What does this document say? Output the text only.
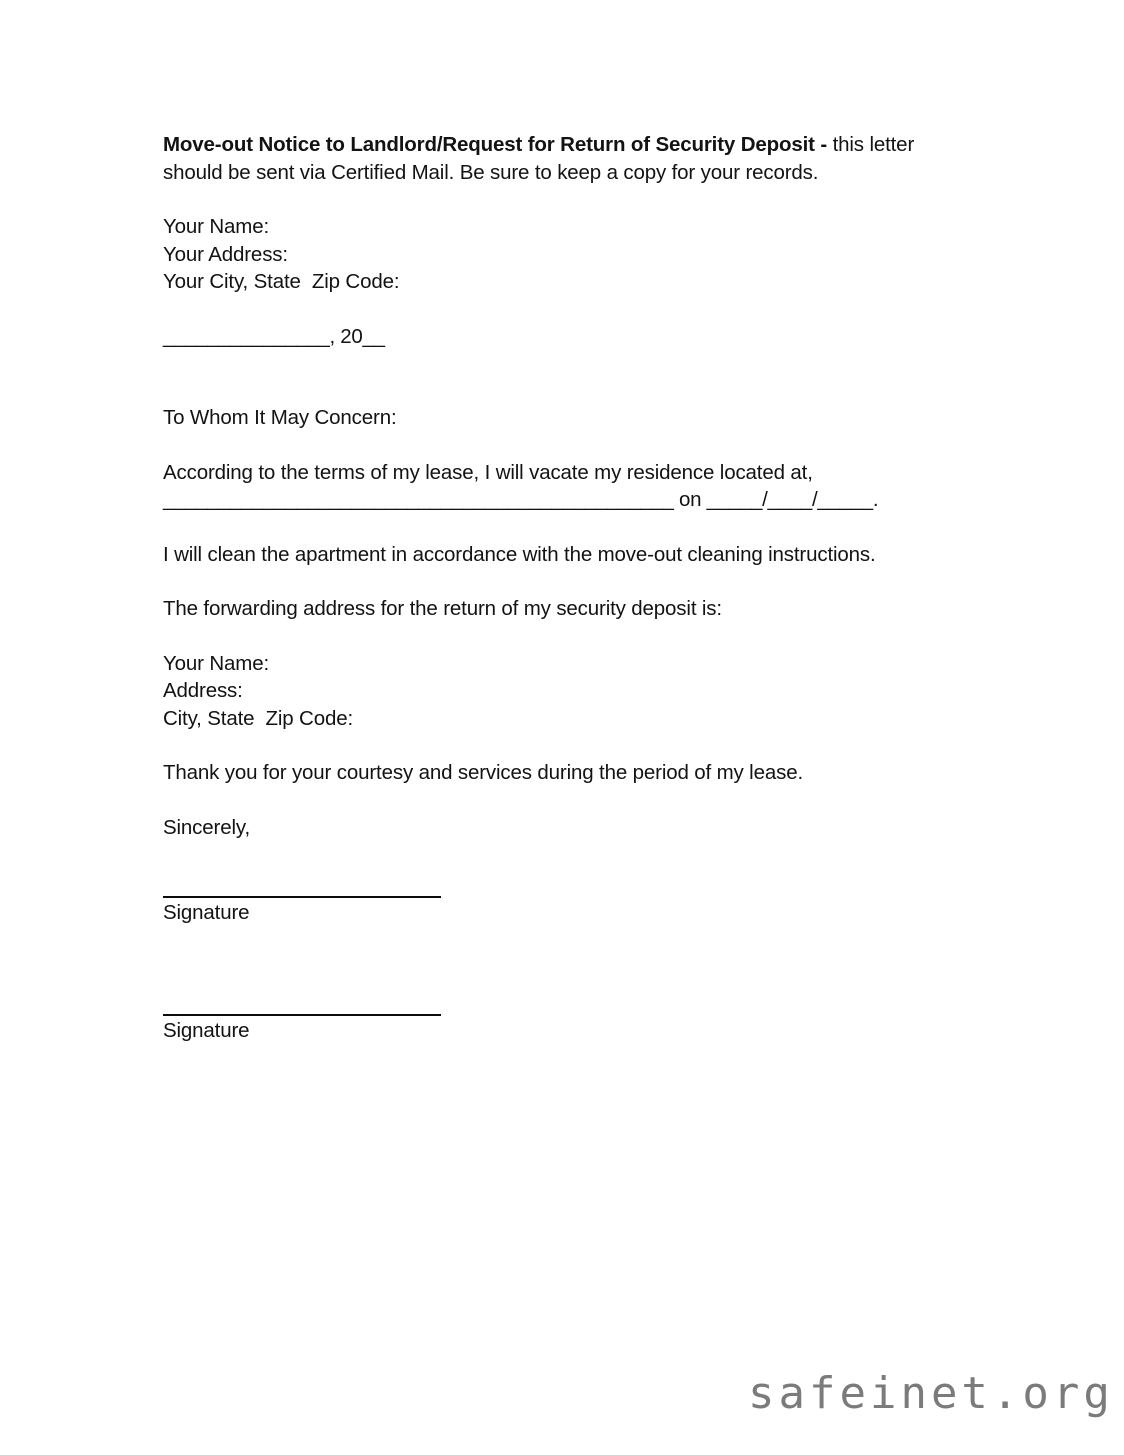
Move-out Notice to Landlord/Request for Return of Security Deposit - this letter should be sent via Certified Mail. Be sure to keep a copy for your records.

Your Name:
Your Address:
Your City, State  Zip Code:
_______________, 20__
To Whom It May Concern:
According to the terms of my lease, I will vacate my residence located at,
______________________________________________ on _____/____/_____.

I will clean the apartment in accordance with the move-out cleaning instructions.

The forwarding address for the return of my security deposit is:
Your Name:
Address:
City, State  Zip Code:
Thank you for your courtesy and services during the period of my lease.
Sincerely,
Signature
Signature
safeinet.org
